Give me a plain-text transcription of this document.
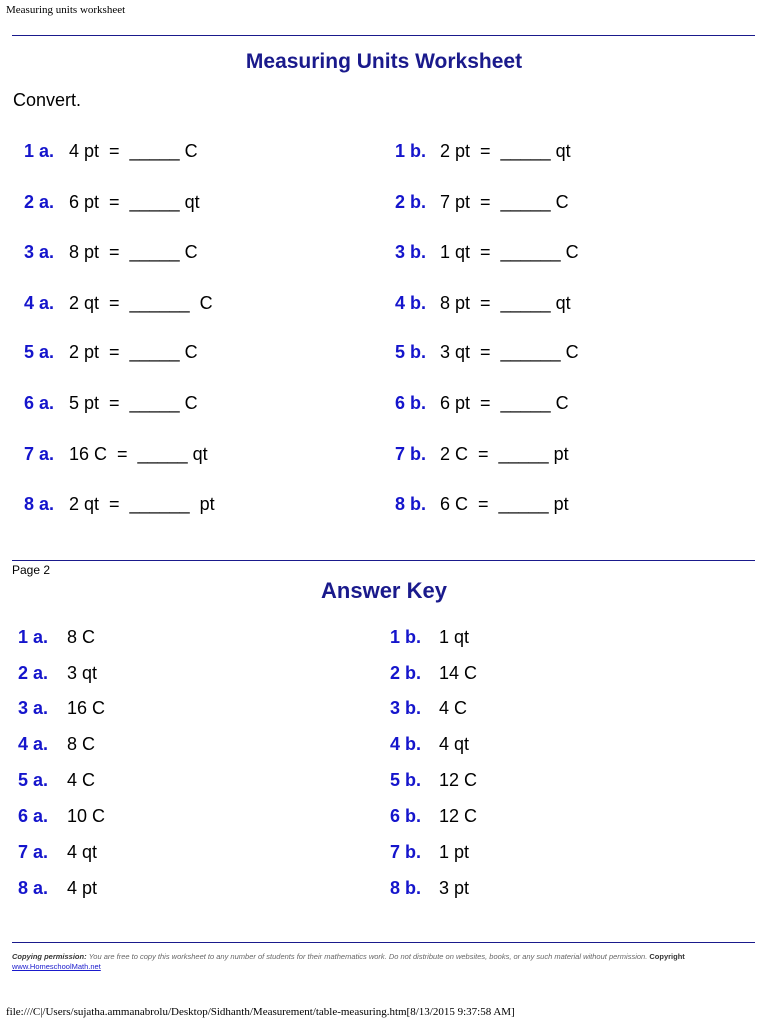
Measuring units worksheet
Measuring Units Worksheet
Convert.
1 a. 4 pt  =  _____ C
2 a. 6 pt  =  _____ qt
3 a. 8 pt  =  _____ C
4 a. 2 qt  =  ______  C
5 a. 2 pt  =  _____ C
6 a. 5 pt  =  _____ C
7 a. 16 C  =  _____ qt
8 a. 2 qt  =  ______  pt
1 b. 2 pt  =  _____ qt
2 b. 7 pt  =  _____ C
3 b. 1 qt  =  ______ C
4 b. 8 pt  =  _____ qt
5 b. 3 qt  =  ______ C
6 b. 6 pt  =  _____ C
7 b. 2 C  =  _____ pt
8 b. 6 C  =  _____ pt
Page 2
Answer Key
1 a. 8 C
2 a. 3 qt
3 a. 16 C
4 a. 8 C
5 a. 4 C
6 a. 10 C
7 a. 4 qt
8 a. 4 pt
1 b. 1 qt
2 b. 14 C
3 b. 4 C
4 b. 4 qt
5 b. 12 C
6 b. 12 C
7 b. 1 pt
8 b. 3 pt
Copying permission: You are free to copy this worksheet to any number of students for their mathematics work. Do not distribute on websites, books, or any such material without permission. Copyright
www.HomeschoolMath.net
file:///C|/Users/sujatha.ammanabrolu/Desktop/Sidhanth/Measurement/table-measuring.htm[8/13/2015 9:37:58 AM]
